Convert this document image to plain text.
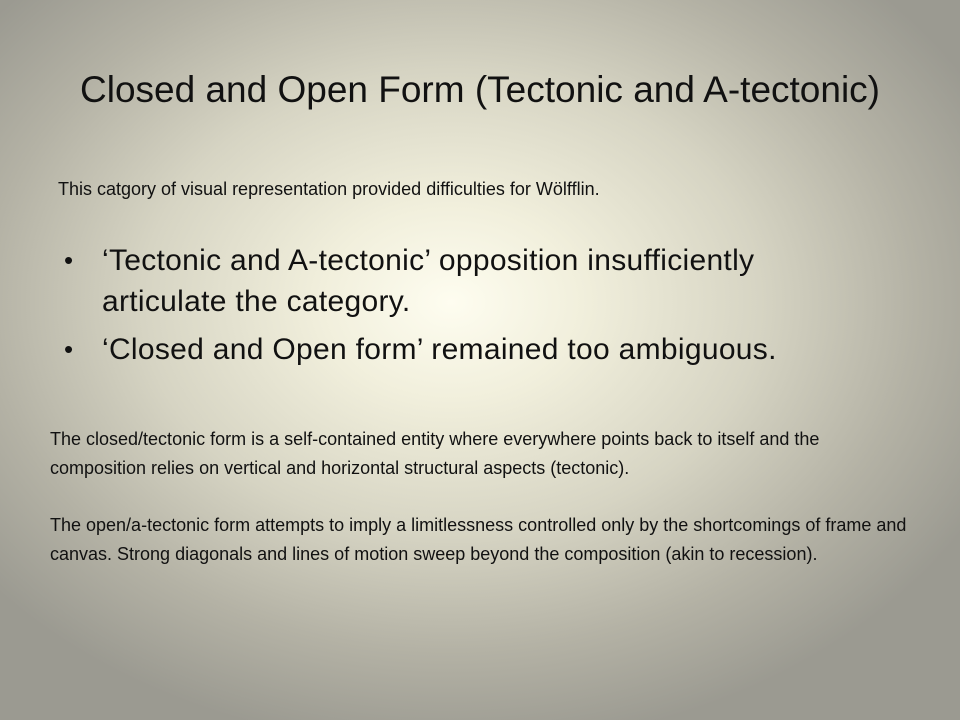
Closed and Open Form (Tectonic and A-tectonic)

This catgory of visual representation provided difficulties for Wölfflin.

• ‘Tectonic and A-tectonic’ opposition insufficiently articulate the category.
• ‘Closed and Open form’ remained too ambiguous.

The closed/tectonic form is a self-contained entity where everywhere points back to itself and the composition relies on vertical and horizontal structural aspects (tectonic).

The open/a-tectonic form attempts to imply a limitlessness controlled only by the shortcomings of frame and canvas. Strong diagonals and lines of motion sweep beyond the composition (akin to recession).
